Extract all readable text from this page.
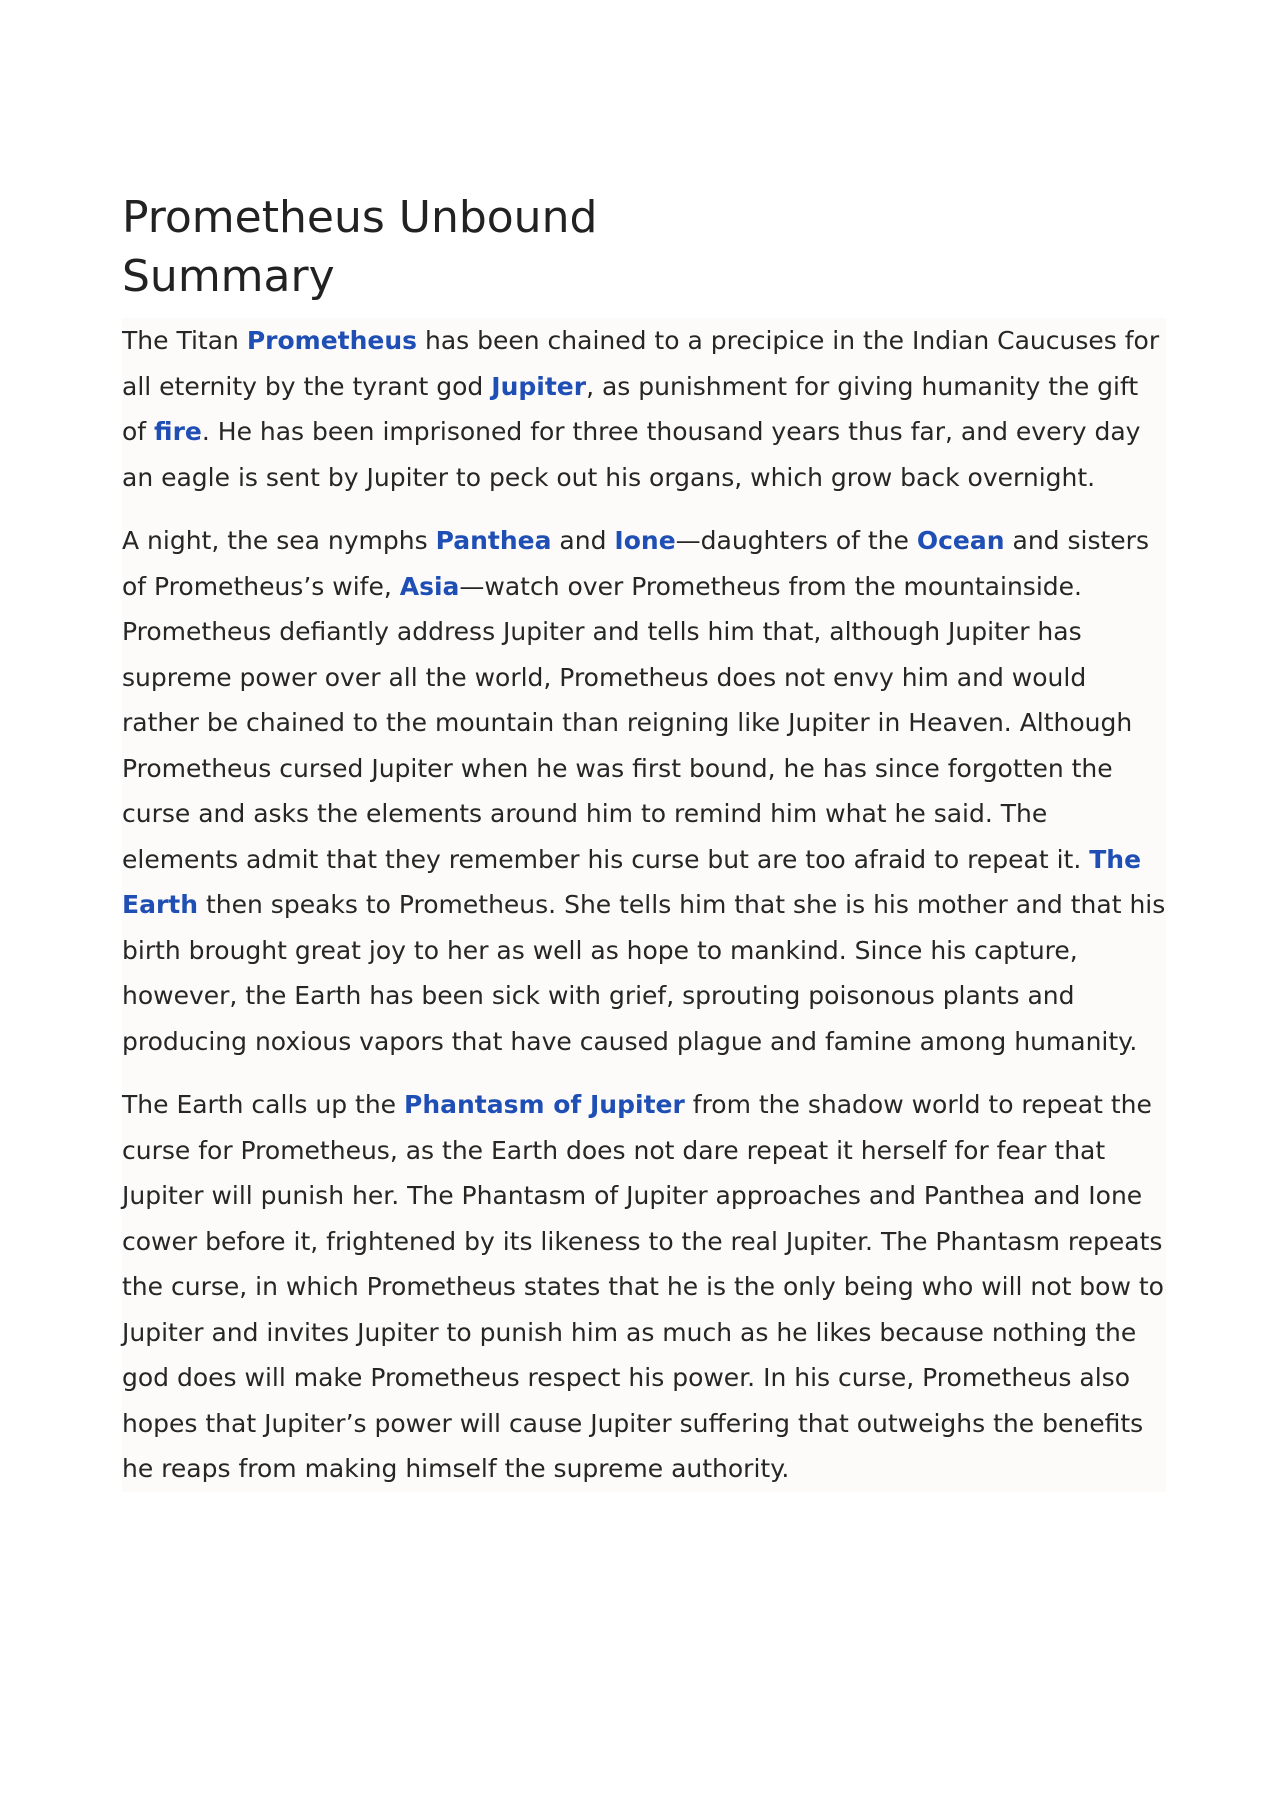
Prometheus Unbound
Summary

The Titan Prometheus has been chained to a precipice in the Indian Caucuses for all eternity by the tyrant god Jupiter, as punishment for giving humanity the gift of fire. He has been imprisoned for three thousand years thus far, and every day an eagle is sent by Jupiter to peck out his organs, which grow back overnight.

A night, the sea nymphs Panthea and Ione—daughters of the Ocean and sisters of Prometheus’s wife, Asia—watch over Prometheus from the mountainside. Prometheus defiantly address Jupiter and tells him that, although Jupiter has supreme power over all the world, Prometheus does not envy him and would rather be chained to the mountain than reigning like Jupiter in Heaven. Although Prometheus cursed Jupiter when he was first bound, he has since forgotten the curse and asks the elements around him to remind him what he said. The elements admit that they remember his curse but are too afraid to repeat it. The Earth then speaks to Prometheus. She tells him that she is his mother and that his birth brought great joy to her as well as hope to mankind. Since his capture, however, the Earth has been sick with grief, sprouting poisonous plants and producing noxious vapors that have caused plague and famine among humanity.

The Earth calls up the Phantasm of Jupiter from the shadow world to repeat the curse for Prometheus, as the Earth does not dare repeat it herself for fear that Jupiter will punish her. The Phantasm of Jupiter approaches and Panthea and Ione cower before it, frightened by its likeness to the real Jupiter. The Phantasm repeats the curse, in which Prometheus states that he is the only being who will not bow to Jupiter and invites Jupiter to punish him as much as he likes because nothing the god does will make Prometheus respect his power. In his curse, Prometheus also hopes that Jupiter’s power will cause Jupiter suffering that outweighs the benefits he reaps from making himself the supreme authority.
